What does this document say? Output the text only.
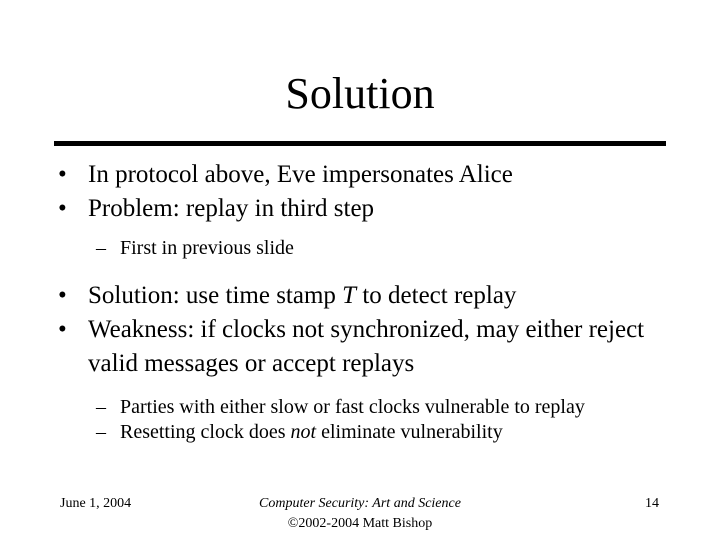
Solution
• In protocol above, Eve impersonates Alice
• Problem: replay in third step
– First in previous slide
• Solution: use time stamp T to detect replay
• Weakness: if clocks not synchronized, may either reject valid messages or accept replays
– Parties with either slow or fast clocks vulnerable to replay
– Resetting clock does not eliminate vulnerability
June 1, 2004	Computer Security: Art and Science
©2002-2004 Matt Bishop
14
